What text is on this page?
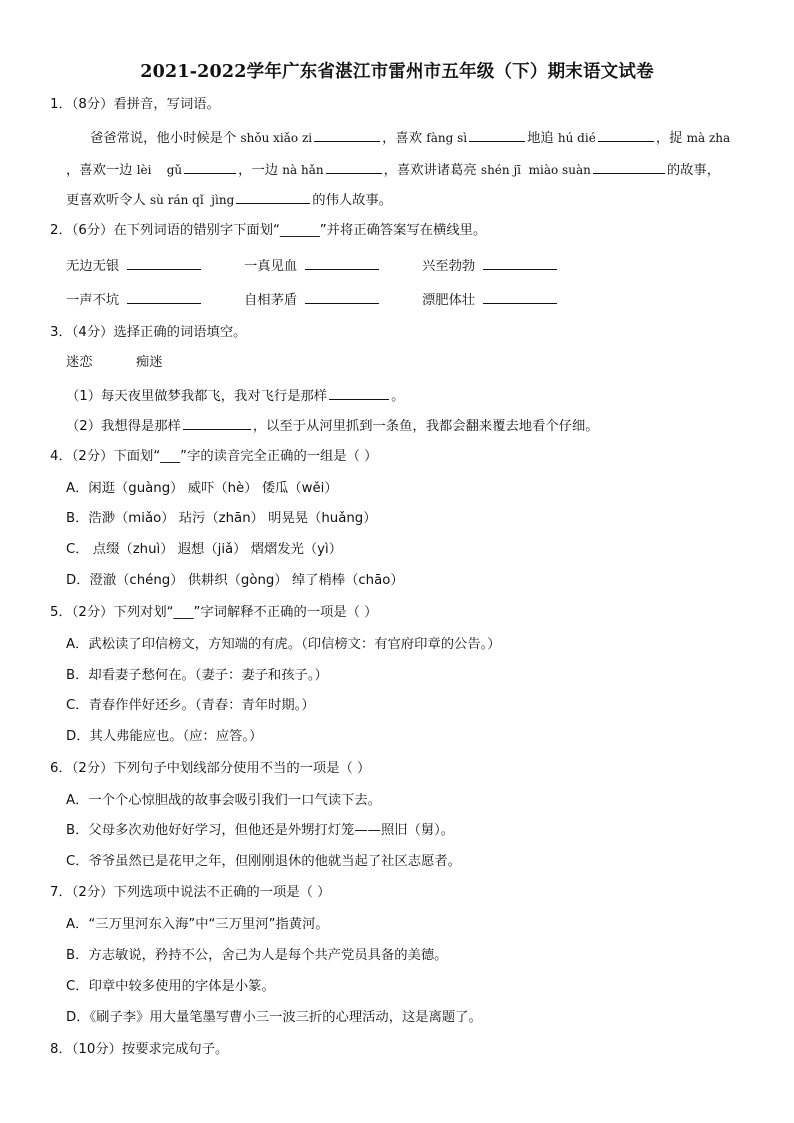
2021-2022学年广东省湛江市雷州市五年级（下）期末语文试卷
1．（8分）看拼音，写词语。
爸爸常说，他小时候是个 shǒu xiǎo zi	，喜欢 fàng sì	地追 hú dié	，捉 mà zha
，喜欢一边 lèi    gǔ	，一边 nà hǎn	，喜欢讲诸葛亮 shén jī  miào suàn	的故事，
更喜欢听令人 sù rán qǐ  jìng	的伟人故事。
2．（6分）在下列词语的错别字下面划“______”并将正确答案写在横线里。
无边无银	一真见血	兴至勃勃
一声不坑	自相茅盾	漂肥体壮
3．（4分）选择正确的词语填空。
迷恋	痴迷
（1）每天夜里做梦我都飞，我对飞行是那样	。
（2）我想得是那样	，以至于从河里抓到一条鱼，我都会翻来覆去地看个仔细。
4．（2分）下面划“___”字的读音完全正确的一组是（ ）
A．闲逛（guàng） 威吓（hè） 倭瓜（wěi）
B．浩渺（miǎo） 玷污（zhān） 明晃晃（huǎng）
C． 点缀（zhuì） 遐想（jiǎ） 熠熠发光（yì）
D．澄澈（chéng） 供耕织（gòng） 绰了梢棒（chāo）
5．（2分）下列对划“___”字词解释不正确的一项是（ ）
A．武松读了印信榜文，方知端的有虎。（印信榜文：有官府印章的公告。）
B．却看妻子愁何在。（妻子：妻子和孩子。）
C．青春作伴好还乡。（青春：青年时期。）
D．其人弗能应也。（应：应答。）
6．（2分）下列句子中划线部分使用不当的一项是（ ）
A．一个个心惊胆战的故事会吸引我们一口气读下去。
B．父母多次劝他好好学习，但他还是外甥打灯笼——照旧（舅）。
C．爷爷虽然已是花甲之年，但刚刚退休的他就当起了社区志愿者。
7．（2分）下列选项中说法不正确的一项是（ ）
A．“三万里河东入海”中“三万里河”指黄河。
B．方志敏说，矜持不公，舍己为人是每个共产党员具备的美德。
C．印章中较多使用的字体是小篆。
D．《刷子李》用大量笔墨写曹小三一波三折的心理活动，这是离题了。
8．（10分）按要求完成句子。
